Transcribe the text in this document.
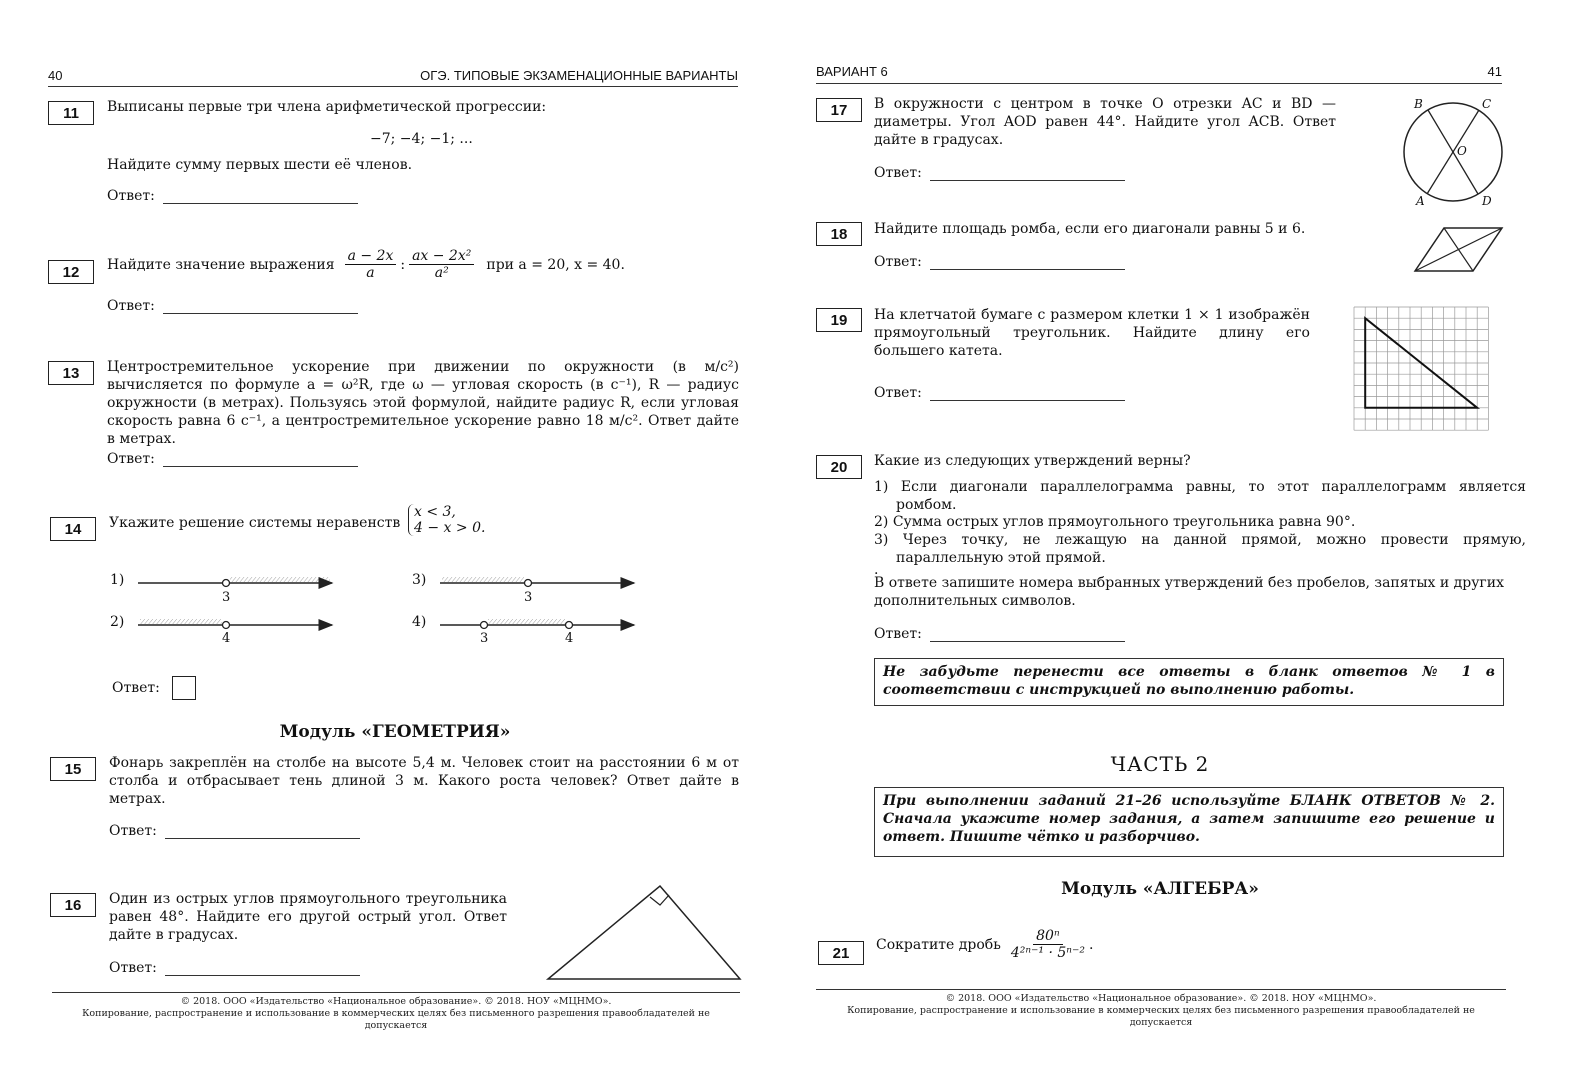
40	ОГЭ. ТИПОВЫЕ ЭКЗАМЕНАЦИОННЫЕ ВАРИАНТЫ
11	Выписаны первые три члена арифметической прогрессии:
−7; −4; −1; ...
Найдите сумму первых шести её членов.
Ответ:
12	Найдите значение выражения $\frac{a - 2x}{a}$ : $\frac{\text{ax − 2x²}}{\text{a²}}$ при a = 20, x = 40.
Ответ:
13	Центростремительное ускорение при движении по окружности (в м/с²) вычисляется по формуле a = ω²R, где ω — угловая скорость (в с⁻¹), R — радиус окружности (в метрах). Пользуясь этой формулой, найдите радиус R, если угловая скорость равна 6 с⁻¹, а центростремительное ускорение равно 18 м/с². Ответ дайте в метрах.
Ответ:
14	Укажите решение системы неравенств
x < 3,
4 − x > 0.
1)
2)
3)
4)
3
4
3
3	4
Ответ:
Модуль «ГЕОМЕТРИЯ»
15	Фонарь закреплён на столбе на высоте 5,4 м. Человек стоит на расстоянии 6 м от столба и отбрасывает тень длиной 3 м. Какого роста человек? Ответ дайте в метрах.
Ответ:
16	Один из острых углов прямоугольного треугольника равен 48°. Найдите его другой острый угол. Ответ дайте в градусах.
Ответ:
© 2018. ООО «Издательство «Национальное образование». © 2018. НОУ «МЦНМО».
Копирование, распространение и использование в коммерческих целях без письменного разрешения правообладателей не допускается
ВАРИАНТ 6	41
17	В окружности с центром в точке O отрезки AC и BD — диаметры. Угол AOD равен 44°. Найдите угол ACB. Ответ дайте в градусах.
Ответ:
B	C
O
A	D
18	Найдите площадь ромба, если его диагонали равны 5 и 6.
Ответ:
19	На клетчатой бумаге с размером клетки 1 × 1 изображён прямоугольный треугольник. Найдите длину его большего катета.
Ответ:
20	Какие из следующих утверждений верны?
1) Если диагонали параллелограмма равны, то этот параллелограмм является ромбом.
2) Сумма острых углов прямоугольного треугольника равна 90°.
3) Через точку, не лежащую на данной прямой, можно провести прямую, параллельную этой прямой.
.
В ответе запишите номера выбранных утверждений без пробелов, запятых и других дополнительных символов.
Ответ:
Не забудьте перенести все ответы в бланк ответов № 1 в соответствии с инструкцией по выполнению работы.
ЧАСТЬ 2
При выполнении заданий 21–26 используйте БЛАНК ОТВЕТОВ № 2. Сначала укажите номер задания, а затем запишите его решение и ответ. Пишите чётко и разборчиво.
Модуль «АЛГЕБРА»
21	Сократите дробь $\frac{\text{80ⁿ}}{\text{4²ⁿ⁻¹ · 5ⁿ⁻²}}$ .
© 2018. ООО «Издательство «Национальное образование». © 2018. НОУ «МЦНМО».
Копирование, распространение и использование в коммерческих целях без письменного разрешения правообладателей не допускается
